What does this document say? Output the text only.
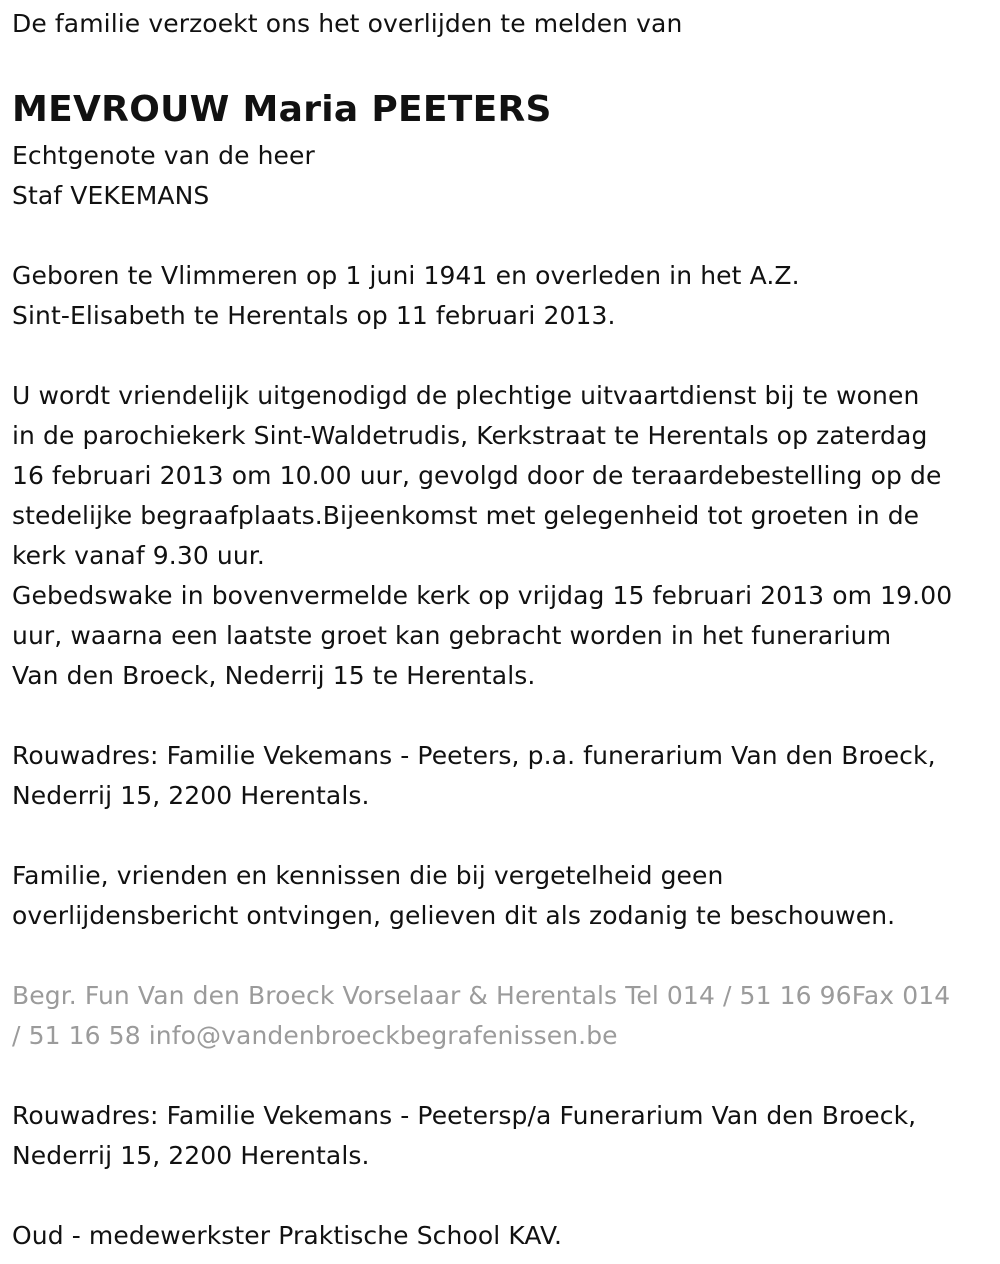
De familie verzoekt ons het overlijden te melden van
MEVROUW Maria PEETERS
Echtgenote van de heer
Staf VEKEMANS
Geboren te Vlimmeren op 1 juni 1941 en overleden in het A.Z.
Sint-Elisabeth te Herentals op 11 februari 2013.
U wordt vriendelijk uitgenodigd de plechtige uitvaartdienst bij te wonen
in de parochiekerk Sint-Waldetrudis, Kerkstraat te Herentals op zaterdag
16 februari 2013 om 10.00 uur, gevolgd door de teraardebestelling op de
stedelijke begraafplaats.Bijeenkomst met gelegenheid tot groeten in de
kerk vanaf 9.30 uur.
Gebedswake in bovenvermelde kerk op vrijdag 15 februari 2013 om 19.00
uur, waarna een laatste groet kan gebracht worden in het funerarium
Van den Broeck, Nederrij 15 te Herentals.
Rouwadres: Familie Vekemans - Peeters, p.a. funerarium Van den Broeck,
Nederrij 15, 2200 Herentals.
Familie, vrienden en kennissen die bij vergetelheid geen
overlijdensbericht ontvingen, gelieven dit als zodanig te beschouwen.
Begr. Fun Van den Broeck Vorselaar & Herentals Tel 014 / 51 16 96Fax 014
/ 51 16 58 info@vandenbroeckbegrafenissen.be
Rouwadres: Familie Vekemans - Peetersp/a Funerarium Van den Broeck,
Nederrij 15, 2200 Herentals.
Oud - medewerkster Praktische School KAV.
